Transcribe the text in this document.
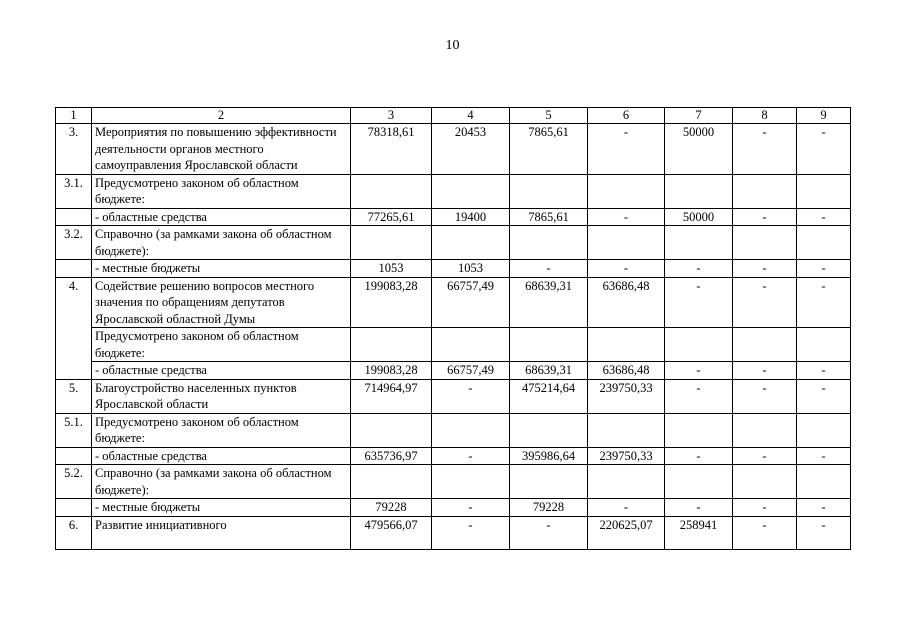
10
1	2	3	4	5	6	7	8	9
3.	Мероприятия по повышению эффективности деятельности органов местного самоуправления Ярославской области	78318,61	20453	7865,61	-	50000	-	-
3.1.	Предусмотрено законом об областном бюджете:							
	- областные средства	77265,61	19400	7865,61	-	50000	-	-
3.2.	Справочно (за рамками закона об областном бюджете):							
	- местные бюджеты	1053	1053	-	-	-	-	-
4.	Содействие решению вопросов местного значения по обращениям депутатов Ярославской областной Думы	199083,28	66757,49	68639,31	63686,48	-	-	-
	Предусмотрено законом об областном бюджете:							
	- областные средства	199083,28	66757,49	68639,31	63686,48	-	-	-
5.	Благоустройство населенных пунктов Ярославской области	714964,97	-	475214,64	239750,33	-	-	-
5.1.	Предусмотрено законом об областном бюджете:							
	- областные средства	635736,97	-	395986,64	239750,33	-	-	-
5.2.	Справочно (за рамками закона об областном бюджете):							
	- местные бюджеты	79228	-	79228	-	-	-	-
6.	Развитие инициативного	479566,07	-	-	220625,07	258941	-	-
